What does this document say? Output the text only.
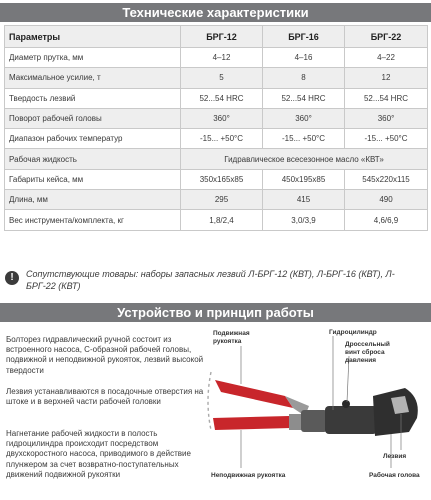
Технические характеристики
Параметры	БРГ-12	БРГ-16	БРГ-22
Диаметр прутка, мм	4–12	4–16	4–22
Максимальное усилие, т	5	8	12
Твердость лезвий	52...54 HRC	52...54 HRC	52...54 HRC
Поворот рабочей головы	360°	360°	360°
Диапазон рабочих температур	-15... +50°C	-15... +50°C	-15... +50°C
Рабочая жидкость	Гидравлическое всесезонное масло «КВТ»		
Габариты кейса, мм	350x165x85	450x195x85	545x220x115
Длина, мм	295	415	490
Вес инструмента/комплекта, кг	1,8/2,4	3,0/3,9	4,6/6,9
!	Сопутствующие товары: наборы запасных лезвий Л-БРГ-12 (КВТ), Л-БРГ-16 (КВТ), Л-БРГ-22 (КВТ)
Устройство и принцип работы
Болторез гидравлический ручной состоит из встроенного насоса, С-образной рабочей головы, подвижной и неподвижной рукояток, лезвий высокой твердости
Лезвия устанавливаются в посадочные отверстия на штоке и в верхней части рабочей головки
Нагнетание рабочей жидкости в полость гидроцилиндра происходит посредством двухскоростного насоса, приводимого в действие плунжером за счет возвратно-поступательных движений подвижной рукоятки
Подвижная
рукоятка
Гидроцилиндр
Дроссельный
винт сброса
давления
Неподвижная рукоятка
Лезвия
Рабочая голова
